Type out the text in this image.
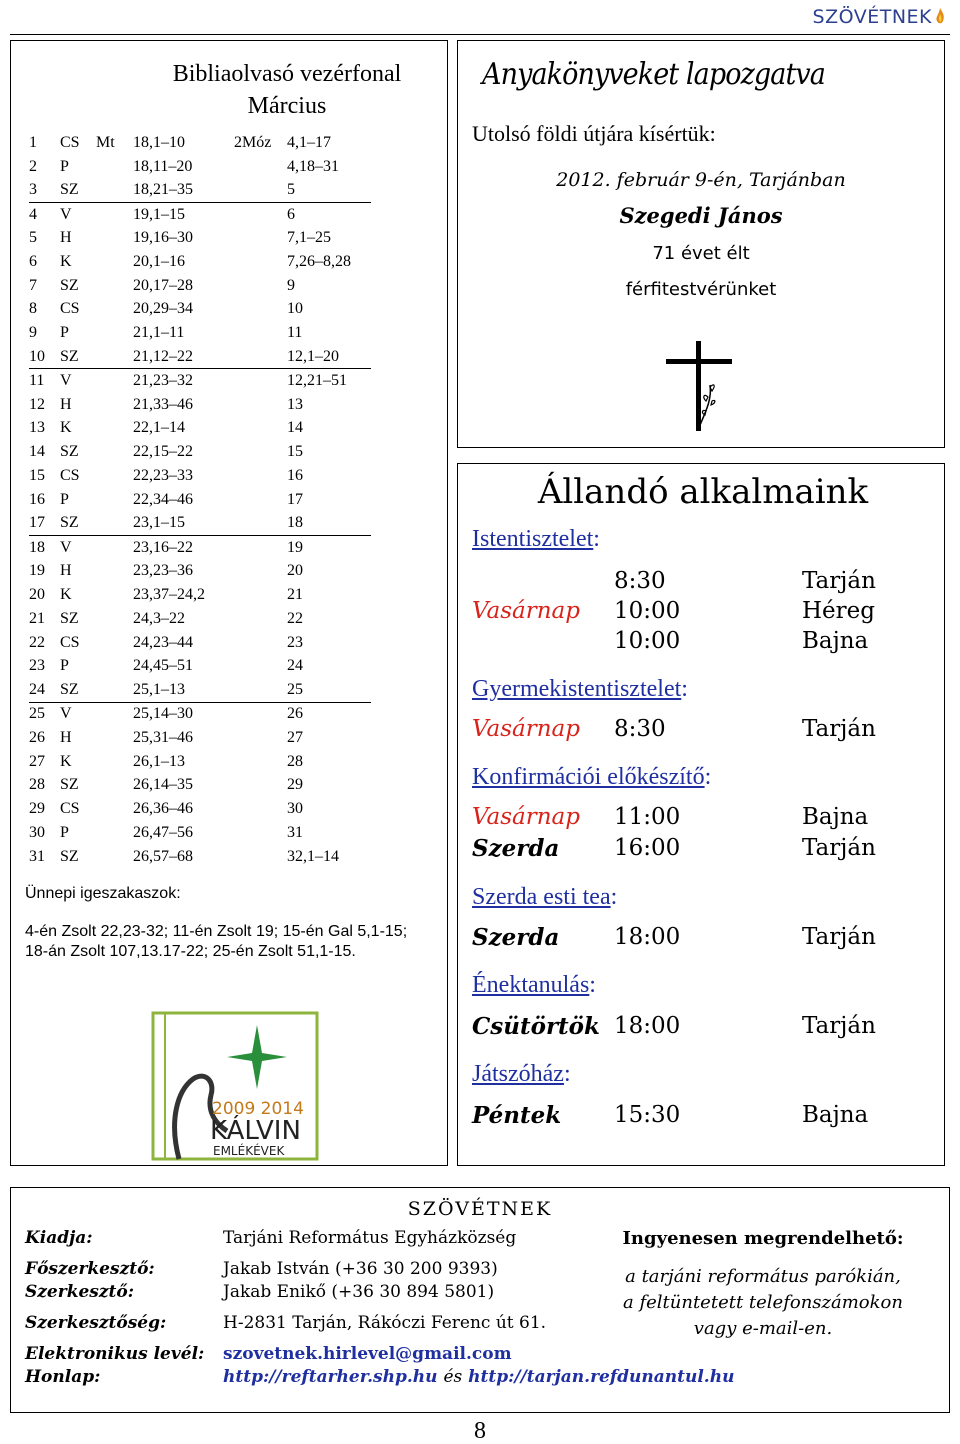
SZÖVÉTNEK
Bibliaolvasó vezérfonal
Március
1	CS	Mt	18,1–10	2Móz	4,1–17
2	P		18,11–20		4,18–31
3	SZ		18,21–35		5
4	V		19,1–15		6
5	H		19,16–30		7,1–25
6	K		20,1–16		7,26–8,28
7	SZ		20,17–28		9
8	CS		20,29–34		10
9	P		21,1–11		11
10	SZ		21,12–22		12,1–20
11	V		21,23–32		12,21–51
12	H		21,33–46		13
13	K		22,1–14		14
14	SZ		22,15–22		15
15	CS		22,23–33		16
16	P		22,34–46		17
17	SZ		23,1–15		18
18	V		23,16–22		19
19	H		23,23–36		20
20	K		23,37–24,2		21
21	SZ		24,3–22		22
22	CS		24,23–44		23
23	P		24,45–51		24
24	SZ		25,1–13		25
25	V		25,14–30		26
26	H		25,31–46		27
27	K		26,1–13		28
28	SZ		26,14–35		29
29	CS		26,36–46		30
30	P		26,47–56		31
31	SZ		26,57–68		32,1–14
Ünnepi igeszakaszok:
4-én Zsolt 22,23-32; 11-én Zsolt 19; 15-én Gal 5,1-15; 18-án Zsolt 107,13.17-22; 25-én Zsolt 51,1-15.
2009 2014
KÁLVIN
EMLÉKÉVEK
Anyakönyveket lapozgatva
Utolsó földi útjára kísértük:
2012. február 9-én, Tarjánban
Szegedi János
71 évet élt
férfitestvérünket
Állandó alkalmaink
Istentisztelet:
8:30	Tarján
Vasárnap 10:00	Héreg
10:00	Bajna
Gyermekistentisztelet:
Vasárnap 8:30	Tarján
Konfirmációi előkészítő:
Vasárnap 11:00	Bajna
Szerda 16:00	Tarján
Szerda esti tea:
Szerda 18:00	Tarján
Énektanulás:
Csütörtök 18:00	Tarján
Játszóház:
Péntek 15:30	Bajna
SZÖVÉTNEK
Kiadja:	Tarjáni Református Egyházközség
Főszerkesztő:	Jakab István (+36 30 200 9393)
Szerkesztő:	Jakab Enikő (+36 30 894 5801)
Szerkesztőség:	H-2831 Tarján, Rákóczi Ferenc út 61.
Elektronikus levél: szovetnek.hirlevel@gmail.com
Honlap:	http://reftarher.shp.hu és http://tarjan.refdunantul.hu
Ingyenesen megrendelhető:
a tarjáni református parókián,
a feltüntetett telefonszámokon
vagy e-mail-en.
8
